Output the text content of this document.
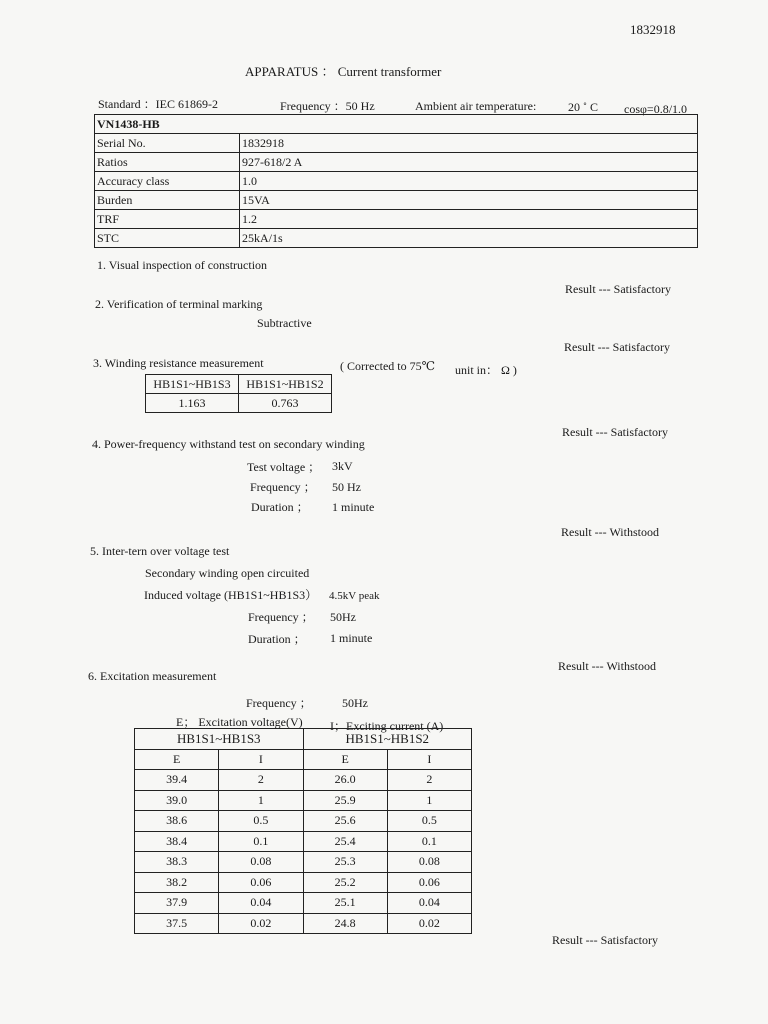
1832918
APPARATUS ： Current transformer
Standard ：IEC 61869-2	Frequency ：50 Hz	Ambient air temperature:	20 ˚ C cosφ=0.8/1.0
VN1438-HB	
Serial No.	1832918
Ratios	927-618/2 A
Accuracy class	1.0
Burden	15VA
TRF	1.2
STC	25kA/1s
1. Visual inspection of construction
Result --- Satisfactory
2. Verification of terminal marking
Subtractive
Result --- Satisfactory
3. Winding resistance measurement	( Corrected to 75℃ unit in： Ω )
HB1S1~HB1S3	HB1S1~HB1S2
1.163	0.763
Result --- Satisfactory
4. Power-frequency withstand test on secondary winding
Test voltage ； 3kV
Frequency ； 50 Hz
Duration ； 1 minute
Result --- Withstood
5. Inter-tern over voltage test
Secondary winding open circuited
Induced voltage (HB1S1~HB1S3） 4.5kV peak
Frequency ； 50Hz
Duration ； 1 minute
Result --- Withstood
6. Excitation measurement
Frequency ；	50Hz
E； Excitation voltage(V) I；Exciting current (A)
HB1S1~HB1S3		HB1S1~HB1S2	
E	I	E	I
39.4	2	26.0	2
39.0	1	25.9	1
38.6	0.5	25.6	0.5
38.4	0.1	25.4	0.1
38.3	0.08	25.3	0.08
38.2	0.06	25.2	0.06
37.9	0.04	25.1	0.04
37.5	0.02	24.8	0.02
Result --- Satisfactory
